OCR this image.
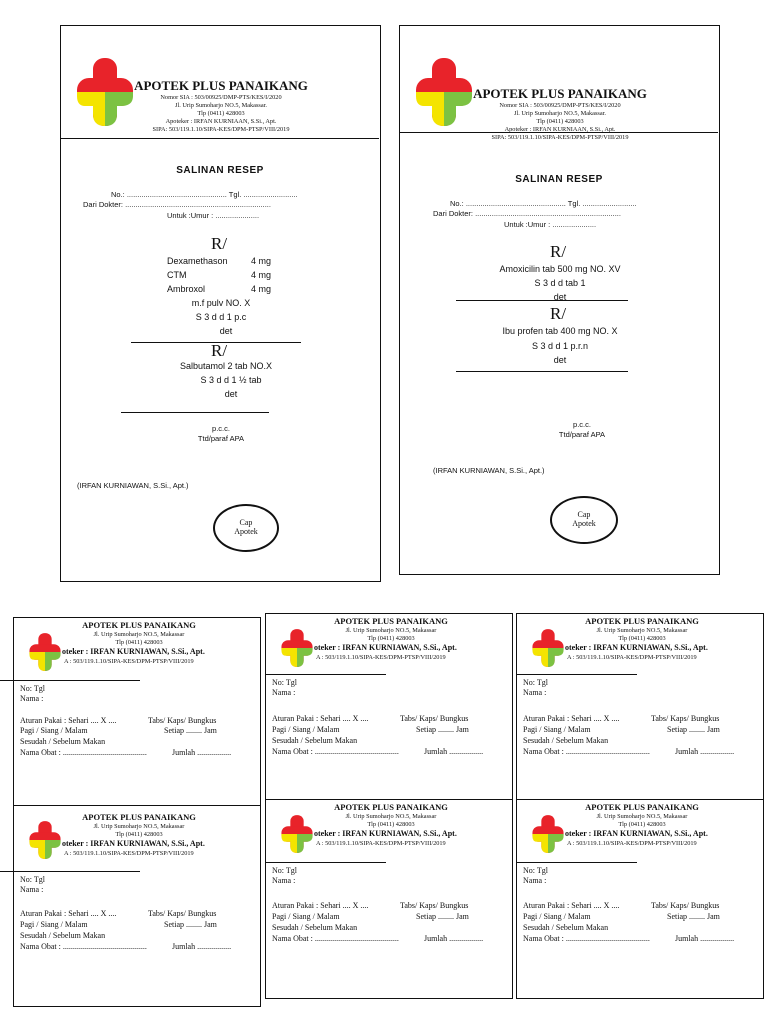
APOTEK PLUS PANAIKANG
Nomor SIA : 503/00925/DMP-PTS/KES/I/2020
Jl. Urip Sumoharjo NO.5, Makassar.
Tlp (0411) 428003
Apoteker : IRFAN KURNIAAN, S.Si., Apt.
SIPA: 503/119.1.10/SIPA-KES/DPM-PTSP/VIII/2019
SALINAN RESEP
No.: ................................................ Tgl. ..........................
Dari Dokter: ......................................................................
Untuk :Umur : .....................
R/
Dexamethason	4 mg
CTM	4 mg
Ambroxol	4 mg
m.f pulv NO. X
S 3 d d 1 p.c
det
R/
Salbutamol 2 tab NO.X
S 3 d d 1 ½ tab
det
p.c.c.
Ttd/paraf APA
(IRFAN KURNIAWAN, S.Si., Apt.)
Cap
Apotek
APOTEK PLUS PANAIKANG
Nomor SIA : 503/00925/DMP-PTS/KES/I/2020
Jl. Urip Sumoharjo NO.5, Makassar.
Tlp (0411) 428003
Apoteker : IRFAN KURNIAAN, S.Si., Apt.
SIPA: 503/119.1.10/SIPA-KES/DPM-PTSP/VIII/2019
SALINAN RESEP
No.: ................................................ Tgl. ..........................
Dari Dokter: ......................................................................
Untuk :Umur : .....................
R/
Amoxicilin tab 500 mg NO. XV
S 3 d d tab 1
det
R/
Ibu profen tab 400 mg NO. X
S 3 d d 1 p.r.n
det
p.c.c.
Ttd/paraf APA
(IRFAN KURNIAWAN, S.Si., Apt.)
Cap
Apotek
APOTEK PLUS PANAIKANG
Jl. Urip Sumoharjo NO.5, Makassar
Tlp (0411) 428003
oteker : IRFAN KURNIAWAN, S.Si., Apt.
A : 503/119.1.10/SIPA-KES/DPM-PTSP/VIII/2019
No: Tgl
Nama :
Aturan Pakai : Sehari .... X ....	Tabs/ Kaps/ Bungkus
Pagi / Siang / Malam	Setiap ........ Jam
Sesudah / Sebelum Makan
Nama Obat : ..........................................	Jumlah .................
APOTEK PLUS PANAIKANG
Jl. Urip Sumoharjo NO.5, Makassar
Tlp (0411) 428003
oteker : IRFAN KURNIAWAN, S.Si., Apt.
A : 503/119.1.10/SIPA-KES/DPM-PTSP/VIII/2019
No: Tgl
Nama :
Aturan Pakai : Sehari .... X ....	Tabs/ Kaps/ Bungkus
Pagi / Siang / Malam	Setiap ........ Jam
Sesudah / Sebelum Makan
Nama Obat : ..........................................	Jumlah .................
APOTEK PLUS PANAIKANG
Jl. Urip Sumoharjo NO.5, Makassar
Tlp (0411) 428003
oteker : IRFAN KURNIAWAN, S.Si., Apt.
A : 503/119.1.10/SIPA-KES/DPM-PTSP/VIII/2019
No: Tgl
Nama :
Aturan Pakai : Sehari .... X ....	Tabs/ Kaps/ Bungkus
Pagi / Siang / Malam	Setiap ........ Jam
Sesudah / Sebelum Makan
Nama Obat : ..........................................	Jumlah .................
APOTEK PLUS PANAIKANG
Jl. Urip Sumoharjo NO.5, Makassar
Tlp (0411) 428003
oteker : IRFAN KURNIAWAN, S.Si., Apt.
A : 503/119.1.10/SIPA-KES/DPM-PTSP/VIII/2019
No: Tgl
Nama :
Aturan Pakai : Sehari .... X ....	Tabs/ Kaps/ Bungkus
Pagi / Siang / Malam	Setiap ........ Jam
Sesudah / Sebelum Makan
Nama Obat : ..........................................	Jumlah .................
APOTEK PLUS PANAIKANG
Jl. Urip Sumoharjo NO.5, Makassar
Tlp (0411) 428003
oteker : IRFAN KURNIAWAN, S.Si., Apt.
A : 503/119.1.10/SIPA-KES/DPM-PTSP/VIII/2019
No: Tgl
Nama :
Aturan Pakai : Sehari .... X ....	Tabs/ Kaps/ Bungkus
Pagi / Siang / Malam	Setiap ........ Jam
Sesudah / Sebelum Makan
Nama Obat : ..........................................	Jumlah .................
APOTEK PLUS PANAIKANG
Jl. Urip Sumoharjo NO.5, Makassar
Tlp (0411) 428003
oteker : IRFAN KURNIAWAN, S.Si., Apt.
A : 503/119.1.10/SIPA-KES/DPM-PTSP/VIII/2019
No: Tgl
Nama :
Aturan Pakai : Sehari .... X ....	Tabs/ Kaps/ Bungkus
Pagi / Siang / Malam	Setiap ........ Jam
Sesudah / Sebelum Makan
Nama Obat : ..........................................	Jumlah .................
